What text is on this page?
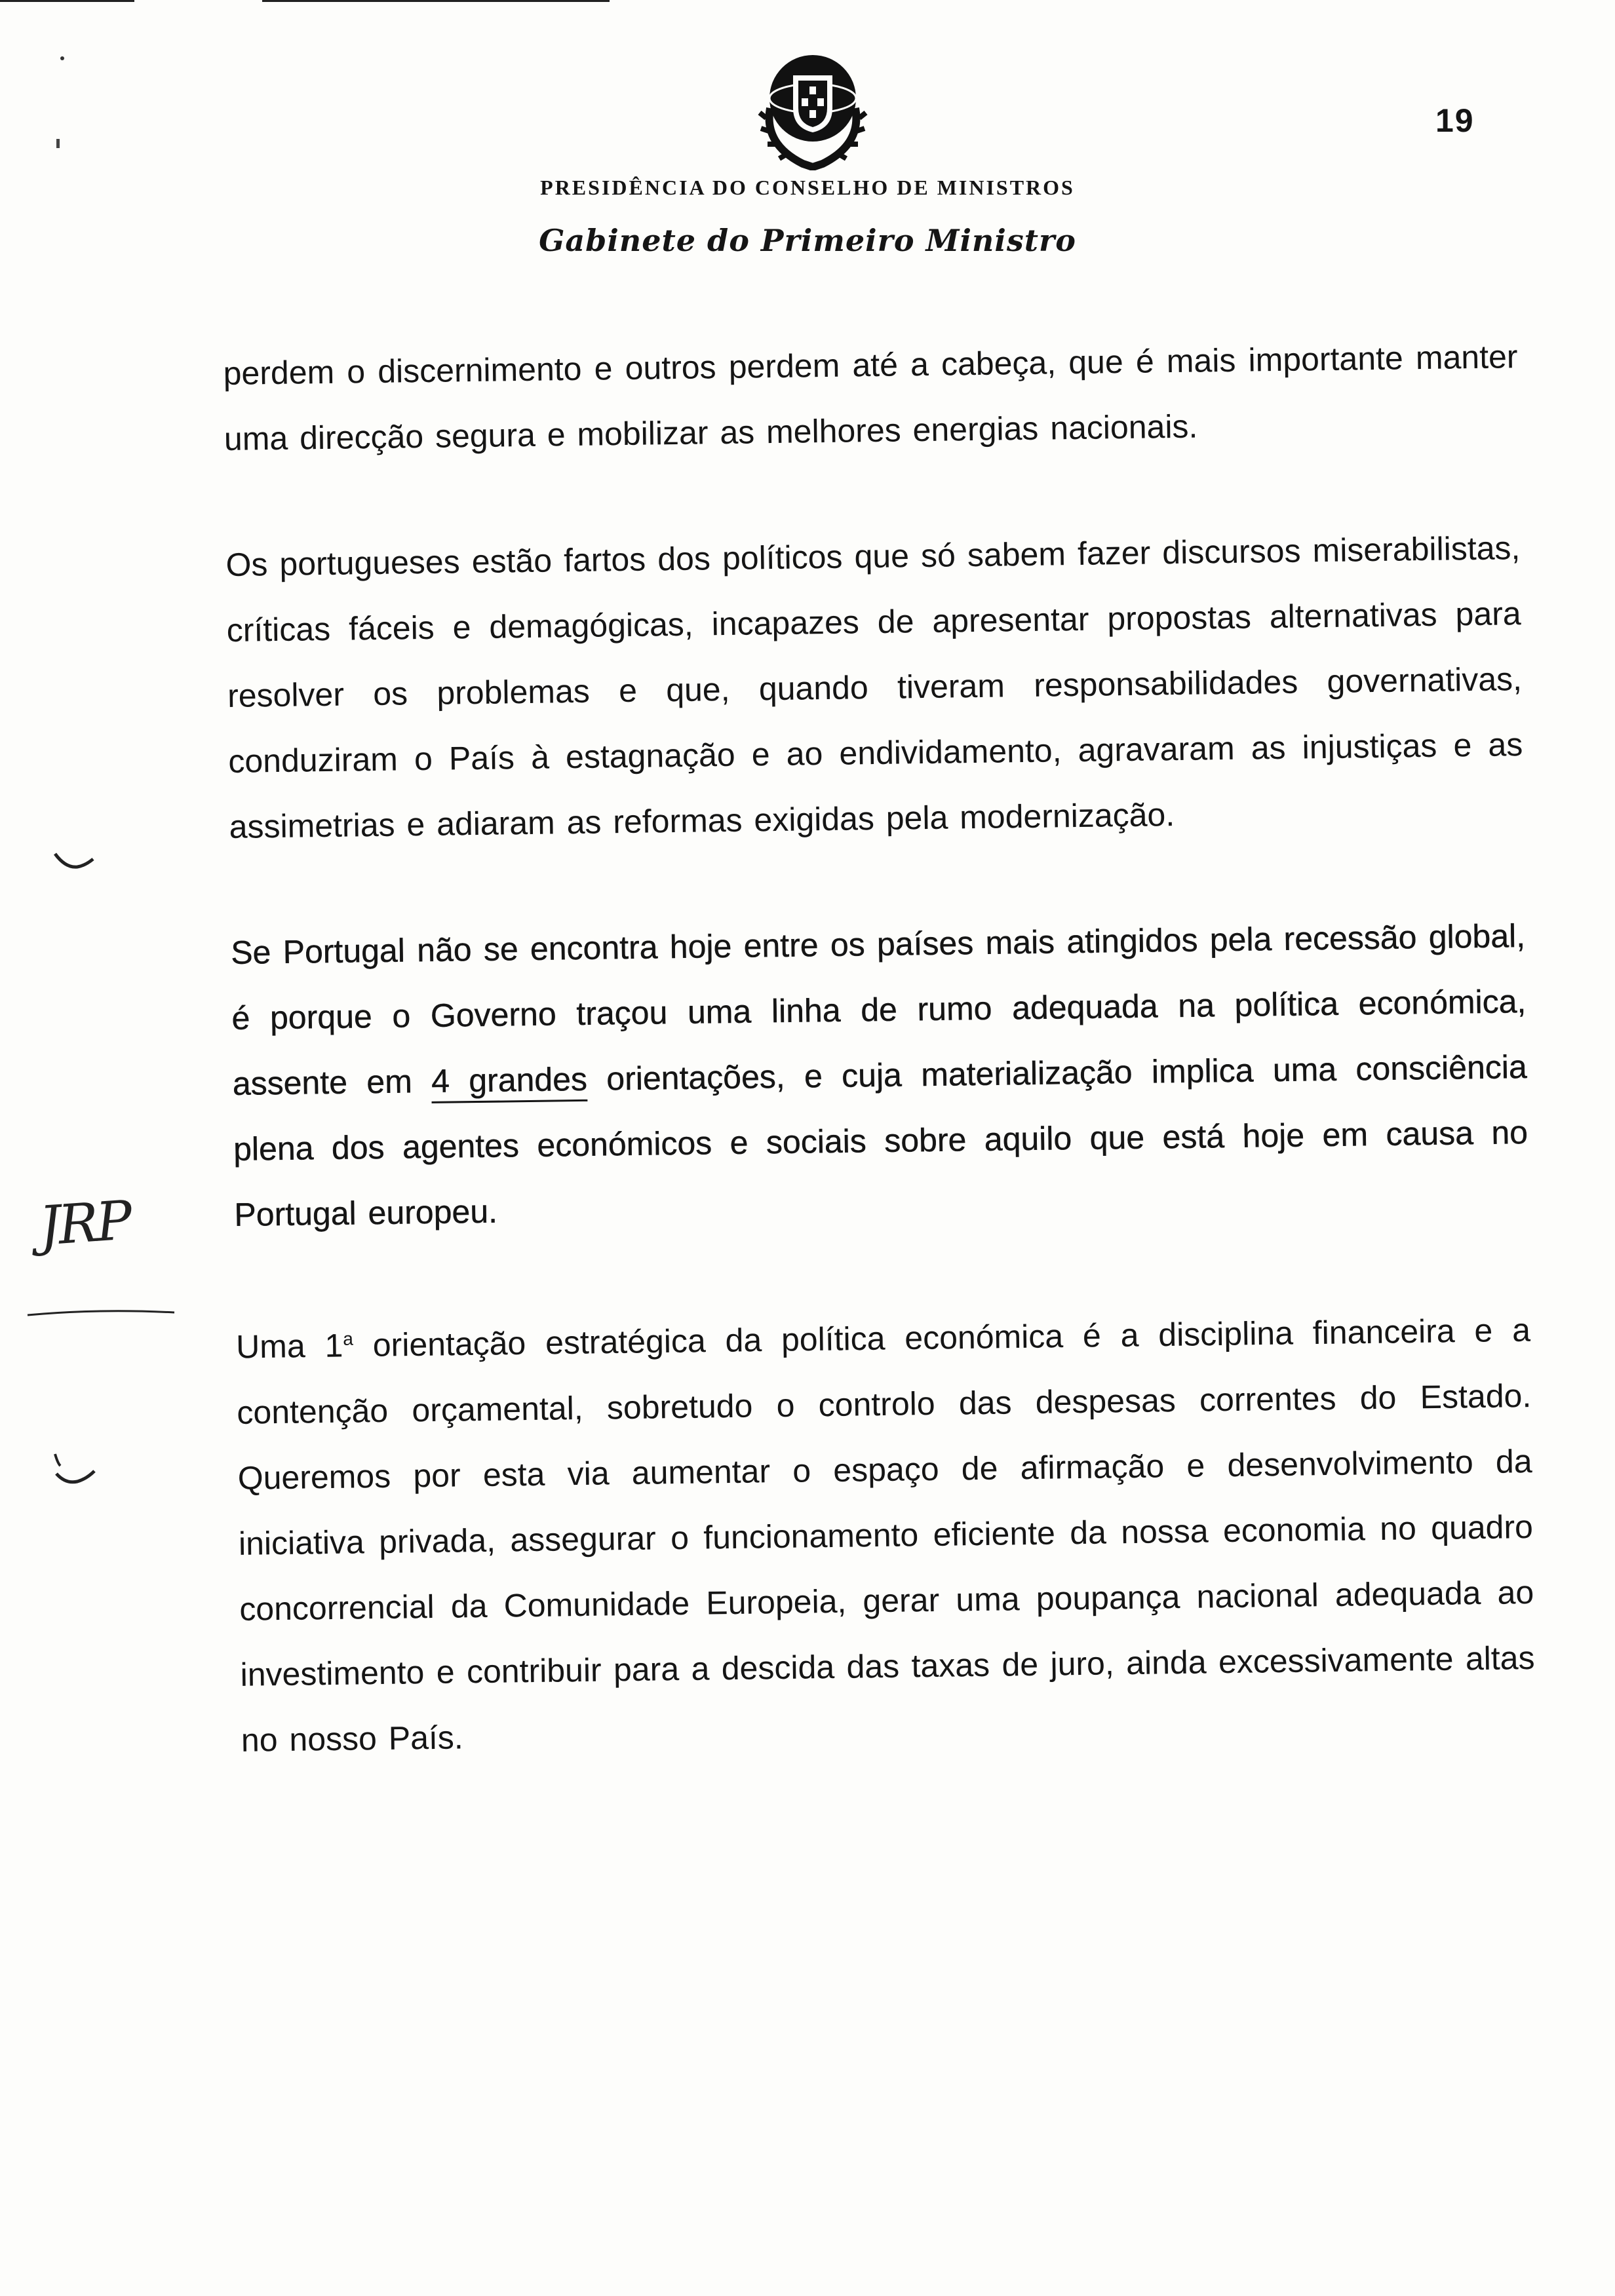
19
PRESIDÊNCIA DO CONSELHO DE MINISTROS
Gabinete do Primeiro Ministro
JRP

perdem o discernimento e outros perdem até a cabeça, que é mais importante manter uma direcção segura e mobilizar as melhores energias nacionais.

Os portugueses estão fartos dos políticos que só sabem fazer discursos miserabilistas, críticas fáceis e demagógicas, incapazes de apresentar propostas alternativas para resolver os problemas e que, quando tiveram responsabilidades governativas, conduziram o País à estagnação e ao endividamento, agravaram as injustiças e as assimetrias e adiaram as reformas exigidas pela modernização.

Se Portugal não se encontra hoje entre os países mais atingidos pela recessão global, é porque o Governo traçou uma linha de rumo adequada na política económica, assente em 4 grandes orientações, e cuja materialização implica uma consciência plena dos agentes económicos e sociais sobre aquilo que está hoje em causa no Portugal europeu.

Uma 1$^a$ orientação estratégica da política económica é a disciplina financeira e a contenção orçamental, sobretudo o controlo das despesas correntes do Estado. Queremos por esta via aumentar o espaço de afirmação e desenvolvimento da iniciativa privada, assegurar o funcionamento eficiente da nossa economia no quadro concorrencial da Comunidade Europeia, gerar uma poupança nacional adequada ao investimento e contribuir para a descida das taxas de juro, ainda excessivamente altas no nosso País.
